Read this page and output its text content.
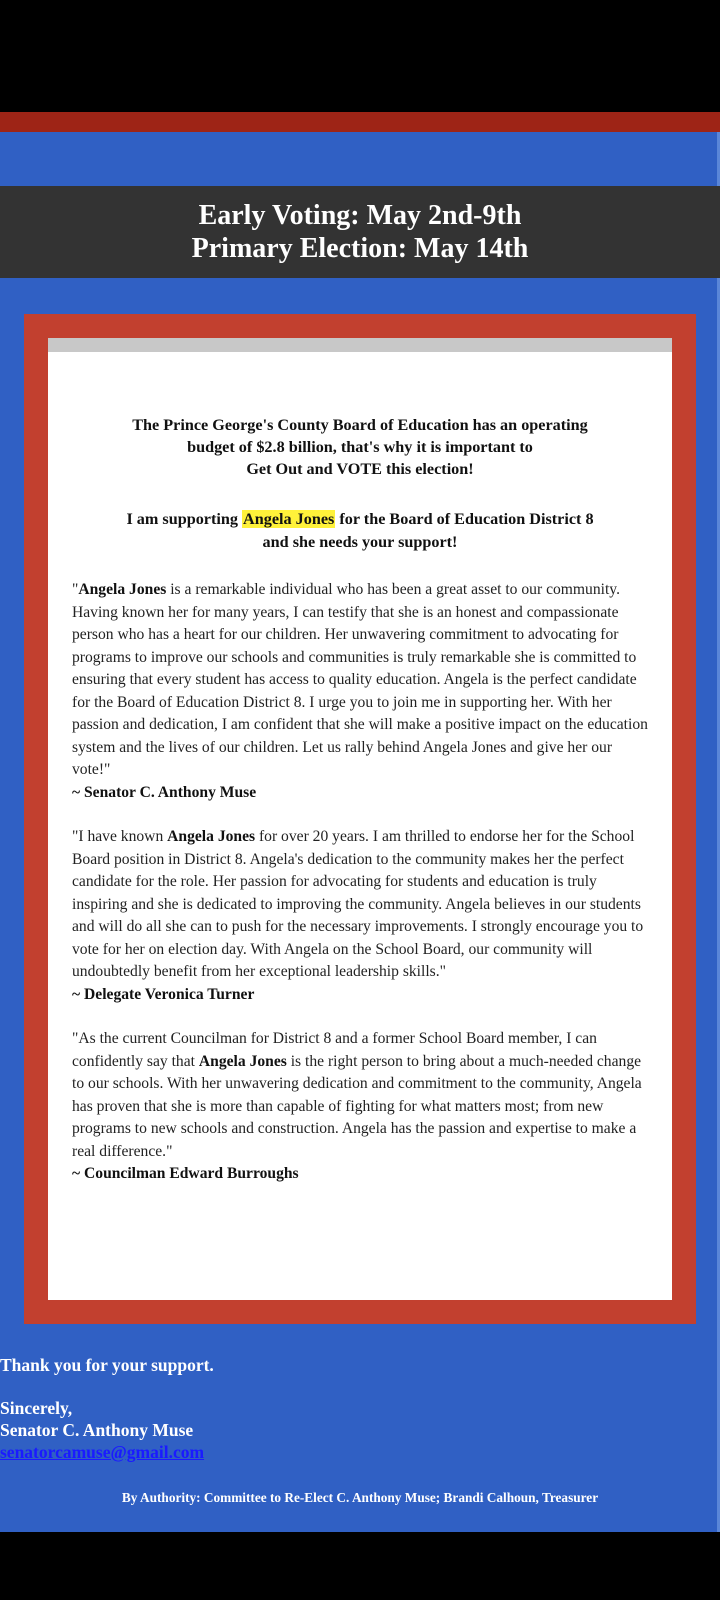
Early Voting: May 2nd-9th
Primary Election: May 14th

The Prince George's County Board of Education has an operating
budget of $2.8 billion, that's why it is important to
Get Out and VOTE this election!

I am supporting Angela Jones for the Board of Education District 8
and she needs your support!

"Angela Jones is a remarkable individual who has been a great asset to our community. Having known her for many years, I can testify that she is an honest and compassionate person who has a heart for our children. Her unwavering commitment to advocating for programs to improve our schools and communities is truly remarkable she is committed to ensuring that every student has access to quality education. Angela is the perfect candidate for the Board of Education District 8. I urge you to join me in supporting her. With her passion and dedication, I am confident that she will make a positive impact on the education system and the lives of our children. Let us rally behind Angela Jones and give her our vote!"
~ Senator C. Anthony Muse

"I have known Angela Jones for over 20 years. I am thrilled to endorse her for the School Board position in District 8. Angela's dedication to the community makes her the perfect candidate for the role. Her passion for advocating for students and education is truly inspiring and she is dedicated to improving the community. Angela believes in our students and will do all she can to push for the necessary improvements. I strongly encourage you to vote for her on election day. With Angela on the School Board, our community will undoubtedly benefit from her exceptional leadership skills."
~ Delegate Veronica Turner

"As the current Councilman for District 8 and a former School Board member, I can confidently say that Angela Jones is the right person to bring about a much-needed change to our schools. With her unwavering dedication and commitment to the community, Angela has proven that she is more than capable of fighting for what matters most; from new programs to new schools and construction. Angela has the passion and expertise to make a real difference."
~ Councilman Edward Burroughs

Thank you for your support.
Sincerely,
Senator C. Anthony Muse
senatorcamuse@gmail.com
By Authority: Committee to Re-Elect C. Anthony Muse; Brandi Calhoun, Treasurer
